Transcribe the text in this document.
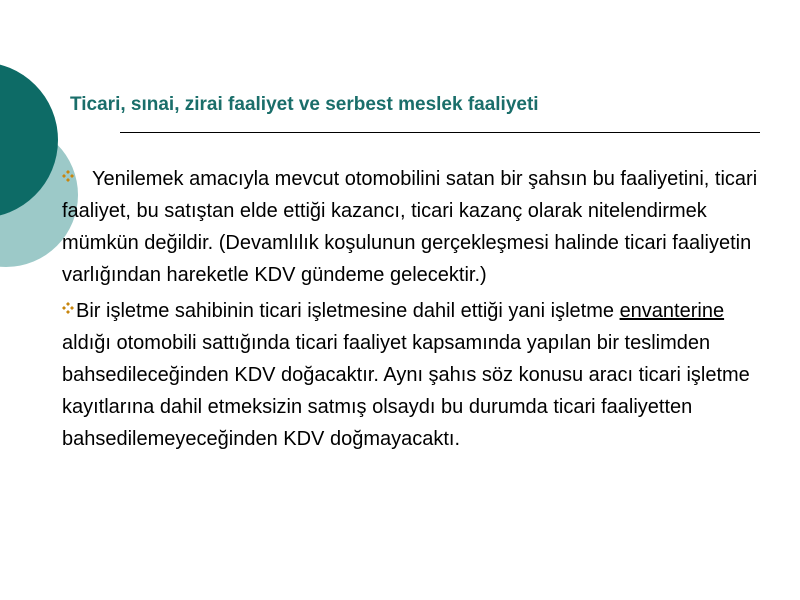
Ticari, sınai, zirai faaliyet ve serbest meslek faaliyeti

Yenilemek amacıyla mevcut otomobilini satan bir şahsın bu faaliyetini, ticari faaliyet, bu satıştan elde ettiği kazancı, ticari kazanç olarak nitelendirmek mümkün değildir. (Devamlılık koşulunun gerçekleşmesi halinde ticari faaliyetin varlığından hareketle KDV gündeme gelecektir.)

Bir işletme sahibinin ticari işletmesine dahil ettiği yani işletme envanterine aldığı otomobili sattığında ticari faaliyet kapsamında yapılan bir teslimden bahsedileceğinden KDV doğacaktır. Aynı şahıs söz konusu aracı ticari işletme kayıtlarına dahil etmeksizin satmış olsaydı bu durumda ticari faaliyetten bahsedilemeyeceğinden KDV doğmayacaktı.
